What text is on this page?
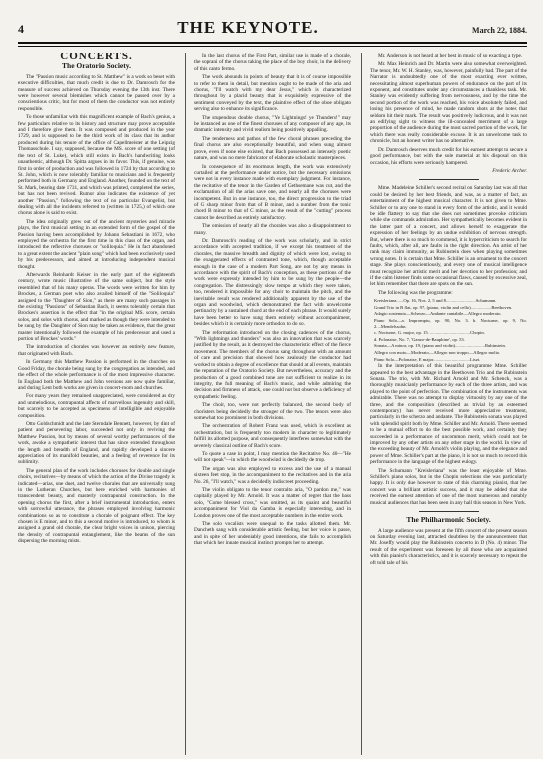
4	THE KEYNOTE.	March 22, 1884.
CONCERTS.
The Oratorio Society.

The "Passion music according to St. Matthew" is a work so beset with executive difficulties, that much credit is due to Dr. Damrosch for the measure of success achieved on Thursday evening the 13th inst. There were however several blemishes which cannot be passed over by a conscientious critic, but for most of them the conductor was not entirely responsible.

To those unfamiliar with this magnificent example of Bach's genius, a few particulars relative to its history and structure may prove acceptable and I therefore give them. It was composed and produced in the year 1729, and is supposed to be the third work of its class that its author produced during his tenure of the office of Capellmeister at the Leipzig Thomasschule. I say, supposed, because the MS. score of one setting (of the text of St. Luke), which still exists in Bach's handwriting looks unauthentic, although Dr. Spitta argues in its favor. This, if genuine, was first in order of production and was followed in 1724 by that according to St. John, which is now tolerably familiar to musicians and is frequently performed both in Germany and England. Another, founded on the text of St. Mark, bearing date 1731, and which was printed, completed the series, but has not been revived. Rumor also indicates the existence of yet another "Passion," following the text of no particular Evangelist, but dealing with all the incidents referred to (written in 1725,) of which one chorus alone is said to exist.

The idea originally grew out of the ancient mysteries and miracle plays, the first musical setting in an extended form of the gospel of the Passion having been accomplished by Johann Sebastiani in 1672, who employed the orchestra for the first time in this class of the organ, and introduced the reflective choruses or "soliloquia." He in fact abandoned to a great extent the ancient "plain song" which had been exclusively used by his predecessors, and aimed at introducing independent musical thought.

Afterwards Reinhardt Keiser in the early part of the eighteenth century, wrote music illustrative of the same subject, but the style resembled that of his many operas. The words were written for him by Brockes, a German poet who also availed himself of the "Soliloquia" assigned to the "Daughter of Sion," as there are many such passages in the existing "Passions" of Sebastian Bach, it seems tolerably certain that Brockes's assertion is the effect that "in the original MS. score, certain solos, and solos with chorus, and marked as though they were intended to be sung by the Daughter of Sion may be taken as evidence, that the great master intentionally followed the example of his predecessor and used a portion of Brockes' words."

The introduction of chorales was however an entirely new feature, that originated with Bach.

In Germany this Matthew Passion is performed in the churches on Good Friday, the chorale being sung by the congregation as intended, and the effect of the whole performance is of the most impressive character. In England both the Matthew and John versions are now quite familiar, and during Lent both works are given in concert-room and churches.

For many years they remained unappreciated, were considered as dry and unmelodious, contrapuntal affects of marvellous ingenuity and skill, but scarcely to be accepted as specimens of intelligible and enjoyable composition.

Otto Goldschmidt and the late Sterndale Bennett, however, by dint of patient and persevering labor, succeeded not only in reviving the Matthew Passion, but by means of several worthy performances of the work, awoke a sympathetic interest that has since extended throughout the length and breadth of England, and rapidly developed a sincere appreciation of its manifold beauties, and a feeling of reverence for its sublimity.

The general plan of the work includes choruses for double and single choirs, recitatives—by means of which the action of the Divine tragedy is indicated—arias, one duet, and twelve chorales that are universally sung in the Lutheran Churches, but here enriched with harmonies of transcendent beauty, and masterly contrapuntal construction. In the opening chorus the first, after a brief instrumental introduction, enters with sorrowful utterance, the phrases employed involving harmonic combinations so as to constitute a chorale of poignant effect. The key chosen is E minor, and to this a second motive is introduced, to whom is assigned a grand old chorale, the clear bright voices in unison, piercing the density of contrapuntal entanglement, like the beams of the sun dispersing the morning mists.

In the last chorus of the First Part, similar use is made of a chorale, the soprani of the chorus taking the place of the boy choir, in the delivery of this canto fermo.

The work abounds in points of beauty that it is of course impossible to refer to them in detail, but mention ought to be made of the aria and chorus, "I'll watch with my dear Jesus," which is characterized throughout by a placid beauty that is exquisitely expressive of the sentiment conveyed by the text, the plaintive effect of the oboe obligato serving also to enhance its significance.

The stupendous double chorus, "Ye Lightnings! ye Thunders!" may be instanced as one of the finest choruses of any composer of any age, its dramatic intensity and vivid realism being positively appalling.

The tenderness and pathos of the few choral phrases preceding the final chorus are also exceptionally beautiful, and when sung almost prove, even if none else existed, that Bach possessed an intensely poetic nature, and was no mere fabricator of elaborate scholastic masterpieces.

In consequence of its enormous length, the work was extensively curtailed at the performance under notice, but the necessary omissions were not in every instance made with exemplary judgment. For instance, the recitative of the tenor in the Garden of Gethsemane was cut, and the exclamation of all the arias save one, and nearly all the choruses were incompetent. But in one instance, too, the direct progression to the triad of G sharp minor from that of B minor, and a number from the tonic chord B minor to that of C minor, as the result of the "cutting" process cannot be described as entirely satisfactory.

The omission of nearly all the chorales was also a disappointment to many.

Dr. Damrosch's reading of the work was scholarly, and in strict accordance with accepted tradition, if we except his treatment of the chorales, the massive breadth and dignity of which were lost, owing to the exaggerated effects of contrasted tone, which, though acceptable enough in the case of a modern Part Song, are not by any means in accordance with the spirit of Bach's conception, as these portions of the work were expressly intended by him to be sung by the people—the congregation. The distressingly slow tempo at which they were taken, too, rendered it impossible for any choir to maintain the pitch, and the inevitable result was rendered additionally apparent by the use of the organ and woodwind, which demonstrated the fact with unwelcome pertinacity by a sustained chord at the end of each phrase. It would surely have been better to have sung them entirely without accompaniment, besides which it is certainly more orthodox to do so.

The reformation introduced on the closing cadences of the chorus, "With lightnings and thunders" was also an innovation that was scarcely justified by the result, as it destroyed the characteristic effect of the fierce movement. The members of the chorus sang throughout with an amount of care and precision that showed how zealously the conductor had worked to obtain a degree of excellence that should at all events, maintain the reputation of the Oratorio Society. But nevertheless, accuracy and the production of a good combined tone are not sufficient to realize in its integrity, the full meaning of Bach's music, and while admiring the decision and firmness of attack, one could not but observe a deficiency of sympathetic feeling.

The choir, too, were not perfectly balanced, the second body of choristers being decidedly the stronger of the two. The tenors were also somewhat too prominent in both divisions.

The orchestration of Robert Franz was used, which is excellent as orchestration, but is frequently too modern in character to legitimately fulfill its allotted purpose, and consequently interferes somewhat with the severely classical outline of Bach's score.

To quote a case in point, I may mention the Recitative No. 40—"He will not speak"—in which the woodwind is decidedly de trop.

The organ was also employed to excess and the use of a manual sixteen feet stop, in the accompaniment to the recitatives and in the aria No. 26, "I'll watch," was a decidedly indiscreet proceeding.

The violin obligato to the tenor contralto aria, "O pardon me," was capitally played by Mr. Arnold. It was a matter of regret that the bass solo, "Come blessed cross," was omitted, as its quaint and beautiful accompaniment for Viol da Gamba is especially interesting, and in London proves one of the most acceptable numbers in the entire work.

The solo vocalists were unequal to the tasks allotted them. Mr. Dancheth sang with considerable artistic feeling, but her voice is passe, and in spite of her undeniably good intentions, she fails to accomplish that which her innate musical instinct prompts her to attempt.

Mr. Anderson is not heard at her best in music of so exacting a type.

Mr. Max Heinrich and Dr. Martin were also somewhat overweighted. The tenor, Mr. W. H. Stanley, was, however, painfully bad. The part of the Narrator is undoubtedly one of the most exacting ever written, necessitating almost superhuman powers of endurance on the part of its exponent, and constitutes under any circumstances a thankless task. Mr. Stanley was evidently suffering from nervousness, and by the time the second portion of the work was reached, his voice absolutely failed, and losing his presence of mind, he made random shots at the notes that seldom hit their mark. The result was positively ludicrous, and it was not an edifying sight to witness the ill-concealed merriment of a large proportion of the audience during the most sacred portion of the work, for which there was really considerable excuse. It is an unwelcome task to chronicle, but an honest writer has no alternative.

Dr. Damrosch deserves much credit for his earnest attempt to secure a good performance, but with the sole material at his disposal on this occasion, his efforts were seriously hampered.

Frederic Archer.

Mme. Madeleine Schiller's second recital on Saturday last was all that could be desired by her best friends, and was, as a matter of fact, an entertainment of the highest musical character. It is not given to Mme. Schiller or to any one to stand in every form of the artistic, and it would be idle flattery to say that she does not sometimes provoke criticism while she commands admiration. Her sympathetically becomes evident in the latter part of a concert, and allows herself to exaggerate the expression of her feelings by an undue exhibition of nervous strength. But, where there is so much to commend, it is hypercriticism to search for faults, which, after all, are faults in the right direction. An artist of her rank may claim immunity, as Rubinstein does when playing sometimes wrong notes. It is certain that Mme. Schiller is an ornament to the concert stage. She plays conscientiously, and every one of musical intelligence must recognize her artistic merit and her devotion to her profession; and if the calm listener finds some occasional flaws, caused by excessive zeal, let him remember that there are spots on the sun.

The following was the programme:

Kreisleriana......Op. 16, Nos. 2, 5 and 8..........................Schumann.
Grand Trio in B flat, op. 97, (piano, violin and cello)..................Beethoven.
Adagio sostenuto—Scherzo—Andante cantabile—Allegro moderato.
Piano Solo—a. Impromptu, op. 90, No. 3. b. Nocturne, op. 9, No. 2....Mendelssohn.
c. Nocturne, G. major, op. 15. ...................................Chopin.
d. Polonaise, No. 7, 'Ganzo-de-Bauphine', op. 53.
Sonata—A minor, op. 19, (piano and violin)..........................Rubinstein.
Allegro con moto—Moderato—Allegro non troppo—Allegro molto.
Piano Solo—Polonaise, E major................................Liszt.

In the interpretation of this beautiful programme Mme. Schiller appeared to the best advantage in the Beethoven Trio and the Rubinstein Sonata. The trio, with Mr. Richard Arnold and Mr. Schenck, was a thoroughly musicianly performance by each of the three artists, and was played to the point of perfection. The combination of the instruments was admirable. There was no attempt to display virtuosity by any one of the three, and the composition (described as trivial by an esteemed contemporary) has never received more appreciative treatment, particularly in the scherzo and andante. The Rubinstein sonata was played with splendid spirit both by Mme. Schiller and Mr. Arnold. There seemed to be a mutual effort to do the best possible work, and certainly they succeeded in a performance of uncommon merit, which could not be improved by any other artists on any other stage in the world. In view of the exceeding beauty of Mr. Arnold's violin playing, and the elegance and power of Mme. Schiller's part at the piano, it is not so much to record this performance in the language of the highest eulogy.

The Schumann "Kreisleriana" was the least enjoyable of Mme. Schiller's piano solos, but in the Chopin selections she was particularly happy. It is only due however to state of this charming pianist, that her concert was a brilliant artistic success, and it may be added that she received the earnest attention of one of the most numerous and notably musical audiences that has been seen in any hall this season in New York.

The Philharmonic Society.

A large audience was present at the fifth concert of the present season on Saturday evening last, attracted doubtless by the announcement that Mr. Joseffy would play the Rubinstein concerto in D (No. 4) minor. The result of the experiment was foreseen by all those who are acquainted with this pianist's characteristics, and it is scarcely necessary to repeat the oft told tale of his
